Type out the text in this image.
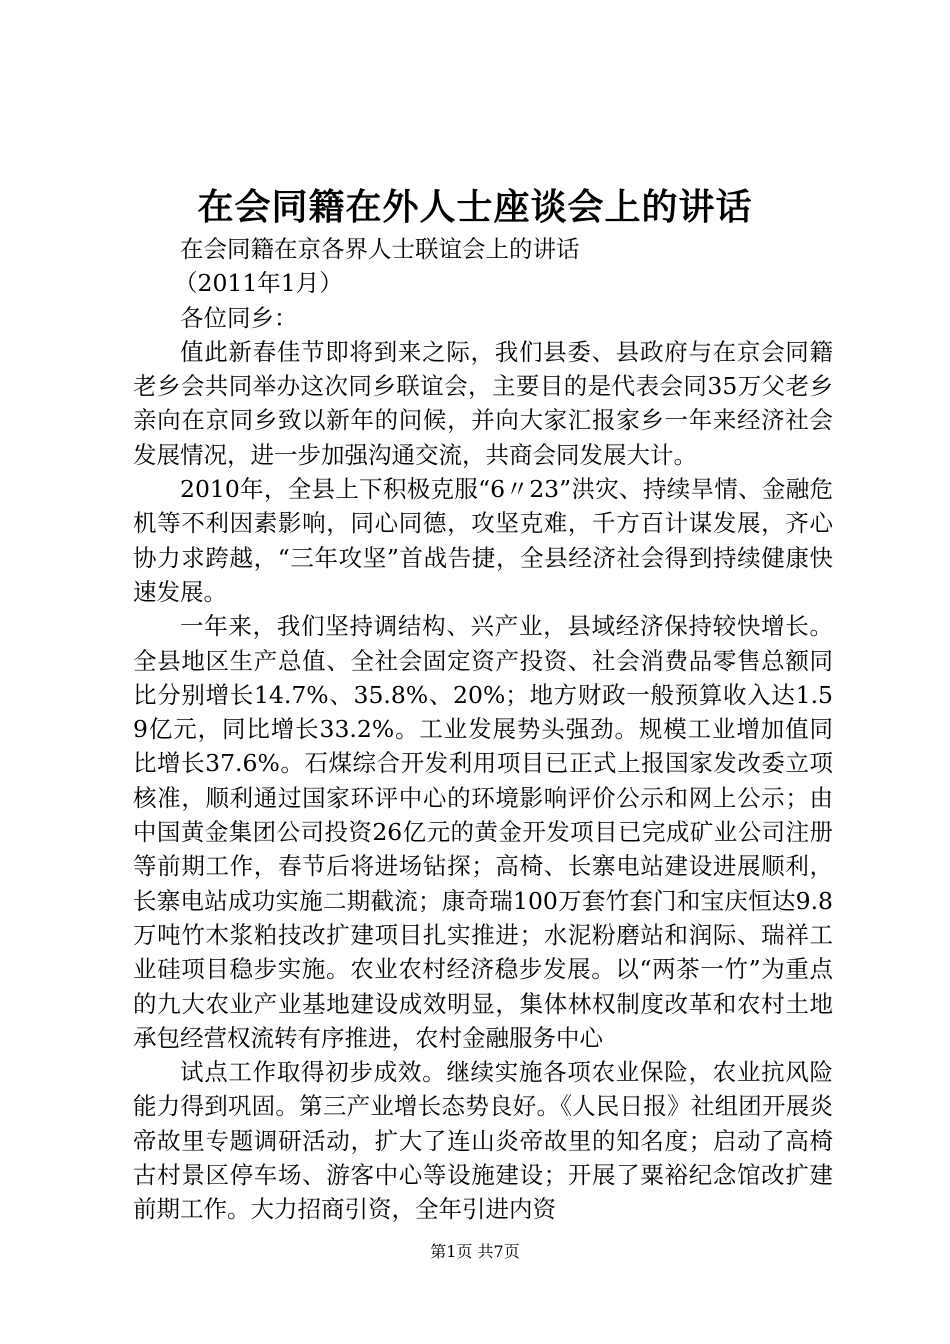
在会同籍在外人士座谈会上的讲话

在会同籍在京各界人士联谊会上的讲话

（2011年1月）

各位同乡：

值此新春佳节即将到来之际，我们县委、县政府与在京会同籍老乡会共同举办这次同乡联谊会，主要目的是代表会同35万父老乡亲向在京同乡致以新年的问候，并向大家汇报家乡一年来经济社会发展情况，进一步加强沟通交流，共商会同发展大计。

2010年，全县上下积极克服“6〃23”洪灾、持续旱情、金融危机等不利因素影响，同心同德，攻坚克难，千方百计谋发展，齐心协力求跨越，“三年攻坚”首战告捷，全县经济社会得到持续健康快速发展。

一年来，我们坚持调结构、兴产业，县域经济保持较快增长。全县地区生产总值、全社会固定资产投资、社会消费品零售总额同比分别增长14.7%、35.8%、20%；地方财政一般预算收入达1.59亿元，同比增长33.2%。工业发展势头强劲。规模工业增加值同比增长37.6%。石煤综合开发利用项目已正式上报国家发改委立项核准，顺利通过国家环评中心的环境影响评价公示和网上公示；由中国黄金集团公司投资26亿元的黄金开发项目已完成矿业公司注册等前期工作，春节后将进场钻探；高椅、长寨电站建设进展顺利，长寨电站成功实施二期截流；康奇瑞100万套竹套门和宝庆恒达9.8万吨竹木浆粕技改扩建项目扎实推进；水泥粉磨站和润际、瑞祥工业硅项目稳步实施。农业农村经济稳步发展。以“两茶一竹”为重点的九大农业产业基地建设成效明显，集体林权制度改革和农村土地承包经营权流转有序推进，农村金融服务中心

试点工作取得初步成效。继续实施各项农业保险，农业抗风险能力得到巩固。第三产业增长态势良好。《人民日报》社组团开展炎帝故里专题调研活动，扩大了连山炎帝故里的知名度；启动了高椅古村景区停车场、游客中心等设施建设；开展了粟裕纪念馆改扩建前期工作。大力招商引资，全年引进内资

第1页 共7页
